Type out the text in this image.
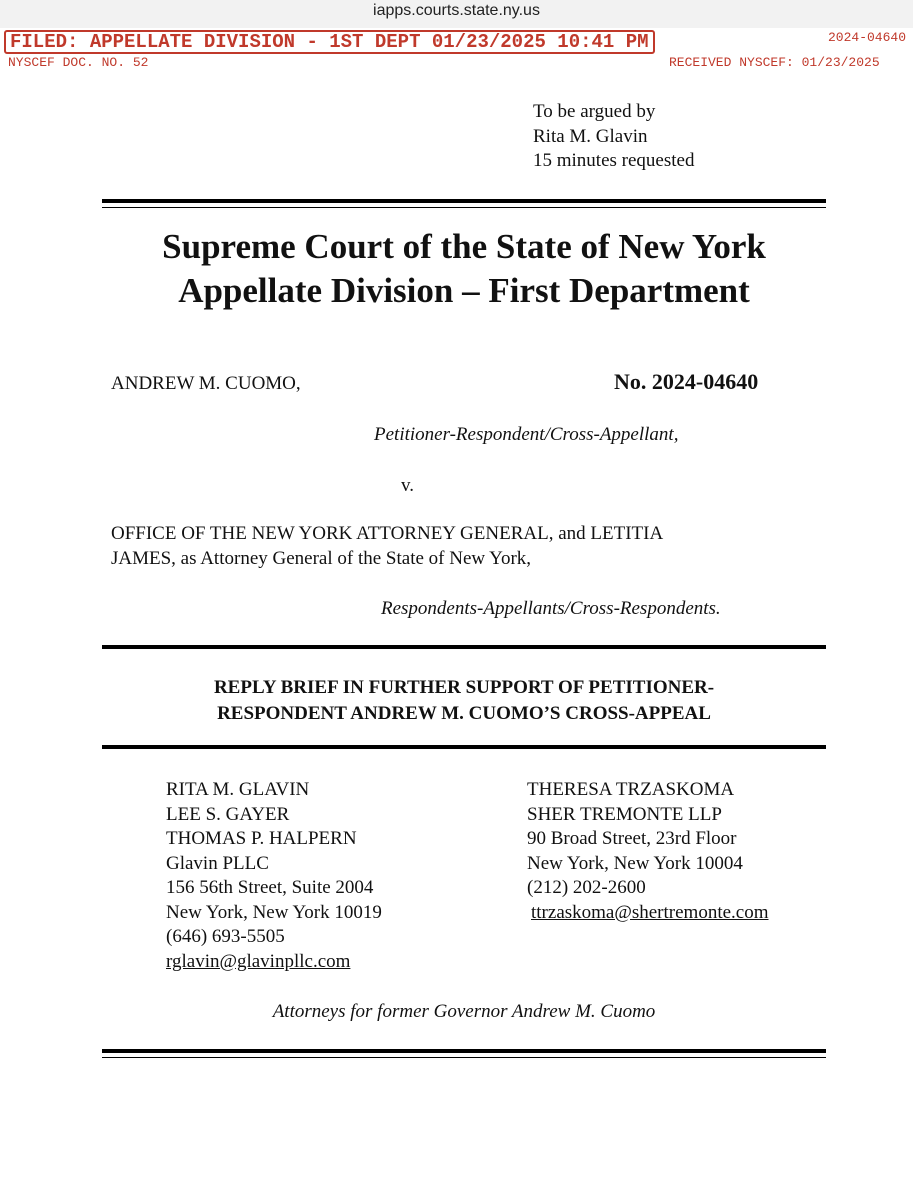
iapps.courts.state.ny.us
FILED: APPELLATE DIVISION - 1ST DEPT 01/23/2025 10:41 PM	2024-04640
NYSCEF DOC. NO. 52	RECEIVED NYSCEF: 01/23/2025
To be argued by
Rita M. Glavin
15 minutes requested
Supreme Court of the State of New York
Appellate Division – First Department
ANDREW M. CUOMO,	No. 2024-04640
Petitioner-Respondent/Cross-Appellant,
v.
OFFICE OF THE NEW YORK ATTORNEY GENERAL, and LETITIA
JAMES, as Attorney General of the State of New York,
Respondents-Appellants/Cross-Respondents.
REPLY BRIEF IN FURTHER SUPPORT OF PETITIONER-
RESPONDENT ANDREW M. CUOMO’S CROSS-APPEAL
RITA M. GLAVIN
LEE S. GAYER
THOMAS P. HALPERN
Glavin PLLC
156 56th Street, Suite 2004
New York, New York 10019
(646) 693-5505
rglavin@glavinpllc.com
THERESA TRZASKOMA
SHER TREMONTE LLP
90 Broad Street, 23rd Floor
New York, New York 10004
(212) 202-2600
ttrzaskoma@shertremonte.com
Attorneys for former Governor Andrew M. Cuomo
